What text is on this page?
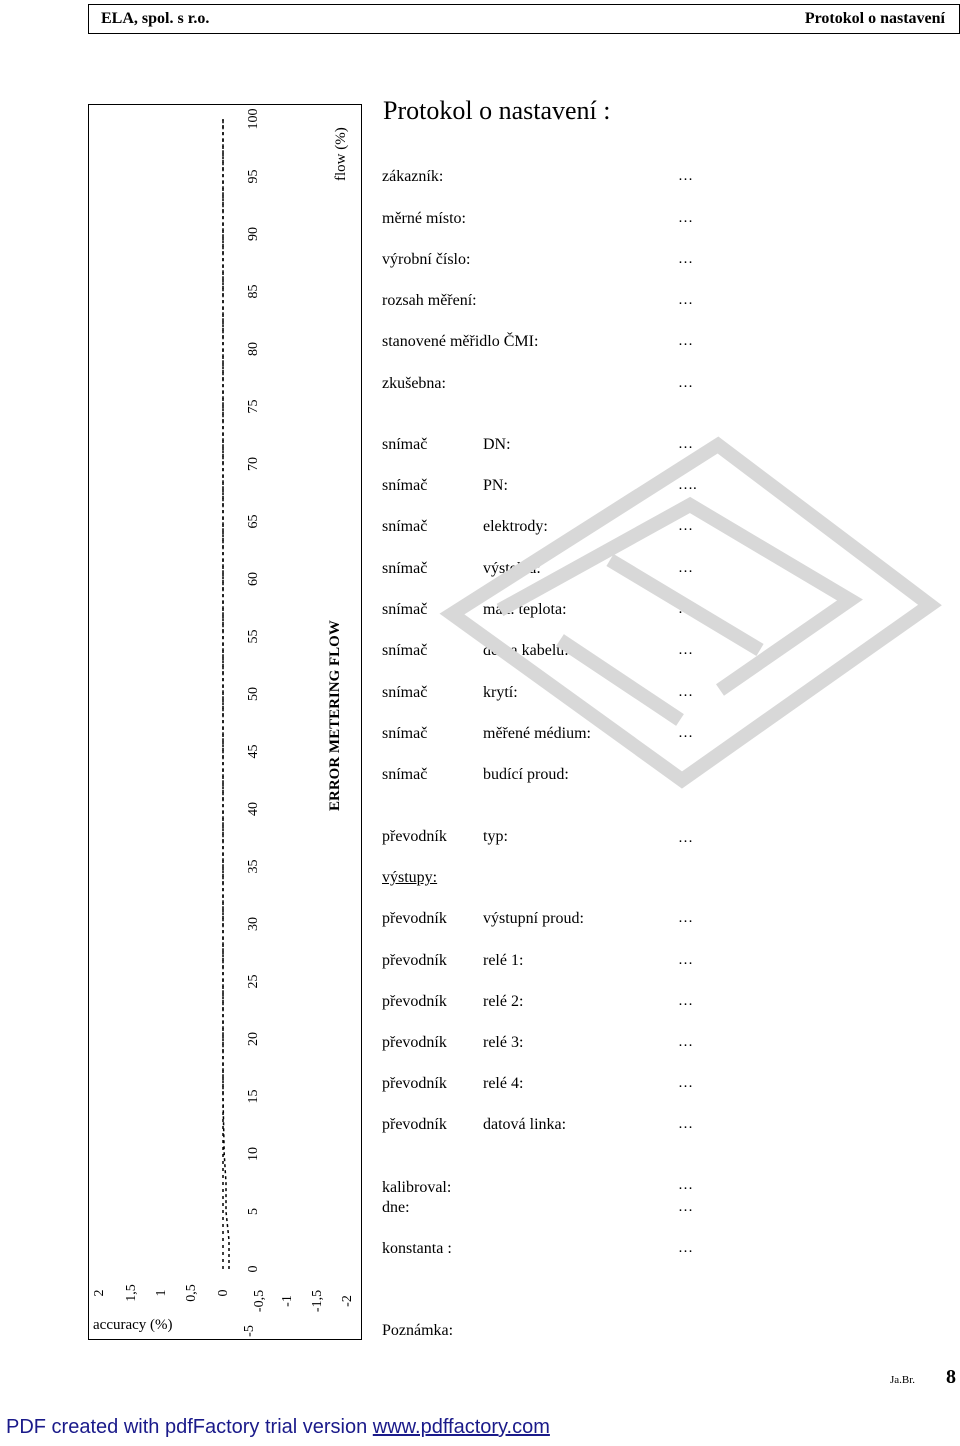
ELA, spol. s r.o.	Protokol o nastavení
0
5
10
15
20
25
30
35
40
45
50
55
60
65
70
75
80
85
90
95
100
2 1,5 1 0,5 0
-5
-0,5 -1 -1,5 -2
ERROR METERING FLOW
flow (%)
accuracy (%)
Protokol o nastavení :
zákazník:	…
měrné místo:	…
výrobní číslo:	…
rozsah měření:	…
stanovené měřidlo ČMI:	…
zkušebna:	…
snímač	DN:	…
snímač	PN:	….
snímač	elektrody:	…
snímač	výstelka:	…
snímač	max. teplota:	…
snímač	délka kabelu:	…
snímač	krytí:	…
snímač	měřené médium:	…
snímač	budící proud:	…
převodník typ:	…
výstupy:
převodník výstupní proud:	…
převodník relé 1:	…
převodník relé 2:	…
převodník relé 3:	…
převodník relé 4:	…
převodník datová linka:	…
kalibroval:	…
dne:	…
konstanta :	…
Poznámka:
Ja.Br. 8
PDF created with pdfFactory trial version www.pdffactory.com
